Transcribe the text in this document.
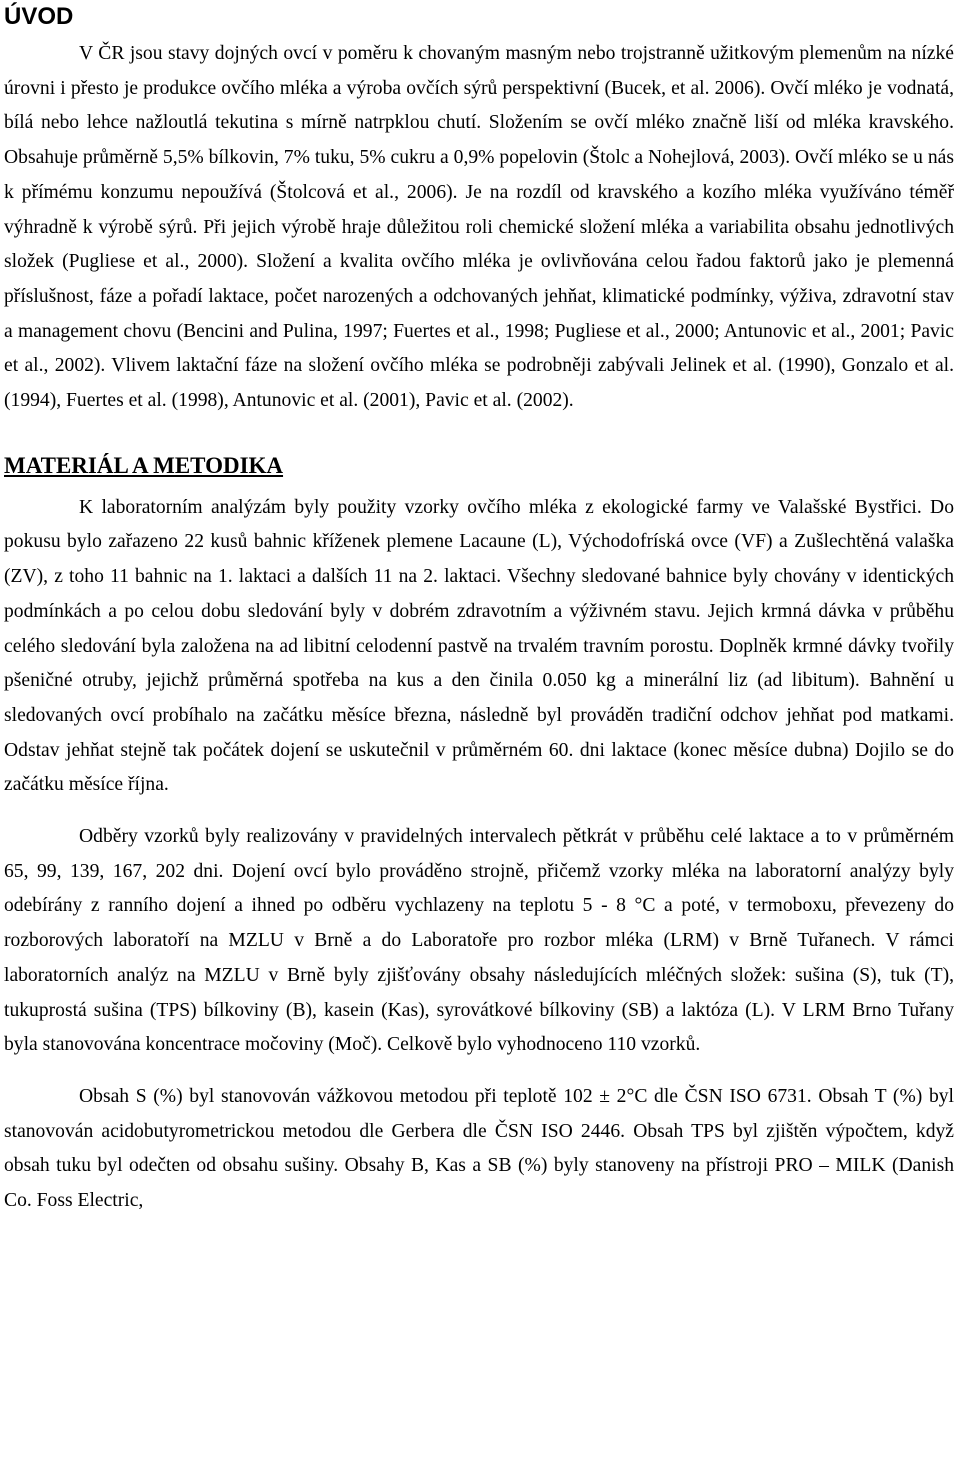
ÚVOD

V ČR jsou stavy dojných ovcí v poměru k chovaným masným nebo trojstranně užitkovým plemenům na nízké úrovni i přesto je produkce ovčího mléka a výroba ovčích sýrů perspektivní (Bucek, et al. 2006). Ovčí mléko je vodnatá, bílá nebo lehce nažloutlá tekutina s mírně natrpklou chutí. Složením se ovčí mléko značně liší od mléka kravského. Obsahuje průměrně 5,5% bílkovin, 7% tuku, 5% cukru a 0,9% popelovin (Štolc a Nohejlová, 2003). Ovčí mléko se u nás k přímému konzumu nepoužívá (Štolcová et al., 2006). Je na rozdíl od kravského a kozího mléka využíváno téměř výhradně k výrobě sýrů. Při jejich výrobě hraje důležitou roli chemické složení mléka a variabilita obsahu jednotlivých složek (Pugliese et al., 2000). Složení a kvalita ovčího mléka je ovlivňována celou řadou faktorů jako je plemenná příslušnost, fáze a pořadí laktace, počet narozených a odchovaných jehňat, klimatické podmínky, výživa, zdravotní stav a management chovu (Bencini and Pulina, 1997; Fuertes et al., 1998; Pugliese et al., 2000; Antunovic et al., 2001; Pavic et al., 2002). Vlivem laktační fáze na složení ovčího mléka se podrobněji zabývali Jelinek et al. (1990), Gonzalo et al. (1994), Fuertes et al. (1998), Antunovic et al. (2001), Pavic et al. (2002).

MATERIÁL A METODIKA

K laboratorním analýzám byly použity vzorky ovčího mléka z ekologické farmy ve Valašské Bystřici. Do pokusu bylo zařazeno 22 kusů bahnic kříženek plemene Lacaune (L), Východofríská ovce (VF) a Zušlechtěná valaška (ZV), z toho 11 bahnic na 1. laktaci a dalších 11 na 2. laktaci. Všechny sledované bahnice byly chovány v identických podmínkách a po celou dobu sledování byly v dobrém zdravotním a výživném stavu. Jejich krmná dávka v průběhu celého sledování byla založena na ad libitní celodenní pastvě na trvalém travním porostu. Doplněk krmné dávky tvořily pšeničné otruby, jejichž průměrná spotřeba na kus a den činila 0.050 kg a minerální liz (ad libitum). Bahnění u sledovaných ovcí probíhalo na začátku měsíce března, následně byl prováděn tradiční odchov jehňat pod matkami. Odstav jehňat stejně tak počátek dojení se uskutečnil v průměrném 60. dni laktace (konec měsíce dubna) Dojilo se do začátku měsíce října.

Odběry vzorků byly realizovány v pravidelných intervalech pětkrát v průběhu celé laktace a to v průměrném 65, 99, 139, 167, 202 dni. Dojení ovcí bylo prováděno strojně, přičemž vzorky mléka na laboratorní analýzy byly odebírány z ranního dojení a ihned po odběru vychlazeny na teplotu 5 - 8 °C a poté, v termoboxu, převezeny do rozborových laboratoří na MZLU v Brně a do Laboratoře pro rozbor mléka (LRM) v Brně Tuřanech. V rámci laboratorních analýz na MZLU v Brně byly zjišťovány obsahy následujících mléčných složek: sušina (S), tuk (T), tukuprostá sušina (TPS) bílkoviny (B), kasein (Kas), syrovátkové bílkoviny (SB) a laktóza (L). V LRM Brno Tuřany byla stanovována koncentrace močoviny (Moč). Celkově bylo vyhodnoceno 110 vzorků.

Obsah S (%) byl stanovován vážkovou metodou při teplotě 102 ± 2°C dle ČSN ISO 6731. Obsah T (%) byl stanovován acidobutyrometrickou metodou dle Gerbera dle ČSN ISO 2446. Obsah TPS byl zjištěn výpočtem, když obsah tuku byl odečten od obsahu sušiny. Obsahy B, Kas a SB (%) byly stanoveny na přístroji PRO – MILK (Danish Co. Foss Electric,
